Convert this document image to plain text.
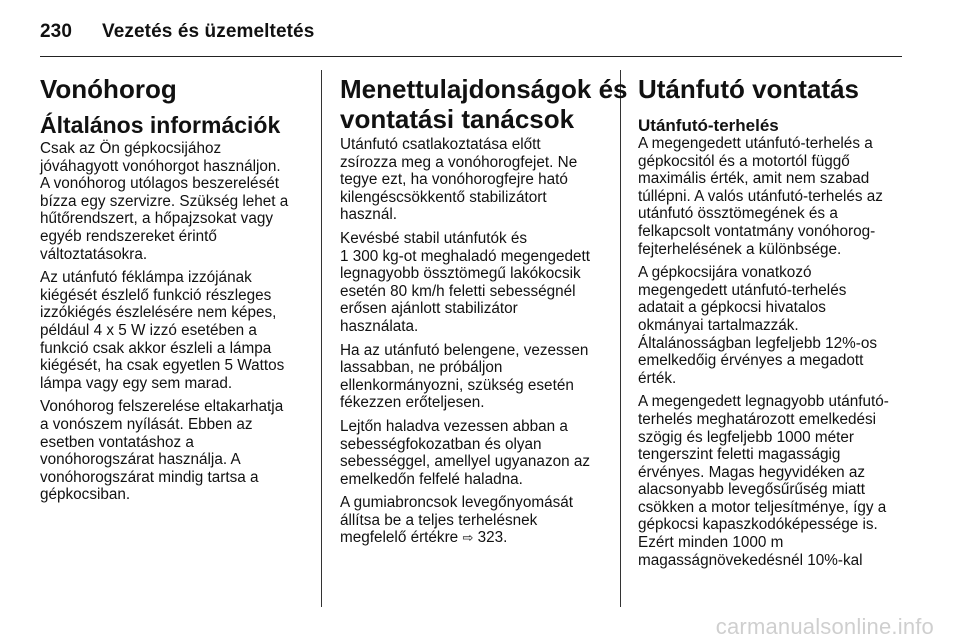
230 Vezetés és üzemeltetés
Vonóhorog
Általános információk

Csak az Ön gépkocsijához
jóváhagyott vonóhorgot használjon.
A vonóhorog utólagos beszerelését
bízza egy szervizre. Szükség lehet a
hűtőrendszert, a hőpajzsokat vagy
egyéb rendszereket érintő
változtatásokra.

Az utánfutó féklámpa izzójának
kiégését észlelő funkció részleges
izzókiégés észlelésére nem képes,
például 4 x 5 W izzó esetében a
funkció csak akkor észleli a lámpa
kiégését, ha csak egyetlen 5 Wattos
lámpa vagy egy sem marad.

Vonóhorog felszerelése eltakarhatja
a vonószem nyílását. Ebben az
esetben vontatáshoz a
vonóhorogszárat használja. A
vonóhorogszárat mindig tartsa a
gépkocsiban.

Menettulajdonságok és
vontatási tanácsok

Utánfutó csatlakoztatása előtt
zsírozza meg a vonóhorogfejet. Ne
tegye ezt, ha vonóhorogfejre ható
kilengéscsökkentő stabilizátort
használ.

Kevésbé stabil utánfutók és
1 300 kg-ot meghaladó megengedett
legnagyobb össztömegű lakókocsik
esetén 80 km/h feletti sebességnél
erősen ajánlott stabilizátor
használata.

Ha az utánfutó belengene, vezessen
lassabban, ne próbáljon
ellenkormányozni, szükség esetén
fékezzen erőteljesen.

Lejtőn haladva vezessen abban a
sebességfokozatban és olyan
sebességgel, amellyel ugyanazon az
emelkedőn felfelé haladna.

A gumiabroncsok levegőnyomását
állítsa be a teljes terhelésnek
megfelelő értékre ⇨ 323.

Utánfutó vontatás
Utánfutó-terhelés

A megengedett utánfutó-terhelés a
gépkocsitól és a motortól függő
maximális érték, amit nem szabad
túllépni. A valós utánfutó-terhelés az
utánfutó össztömegének és a
felkapcsolt vontatmány vonóhorog-
fejterhelésének a különbsége.

A gépkocsijára vonatkozó
megengedett utánfutó-terhelés
adatait a gépkocsi hivatalos
okmányai tartalmazzák.
Általánosságban legfeljebb 12%-os
emelkedőig érvényes a megadott
érték.

A megengedett legnagyobb utánfutó-
terhelés meghatározott emelkedési
szögig és legfeljebb 1000 méter
tengerszint feletti magasságig
érvényes. Magas hegyvidéken az
alacsonyabb levegősűrűség miatt
csökken a motor teljesítménye, így a
gépkocsi kapaszkodóképessége is.
Ezért minden 1000 m
magasságnövekedésnél 10%-kal

carmanualsonline.info
